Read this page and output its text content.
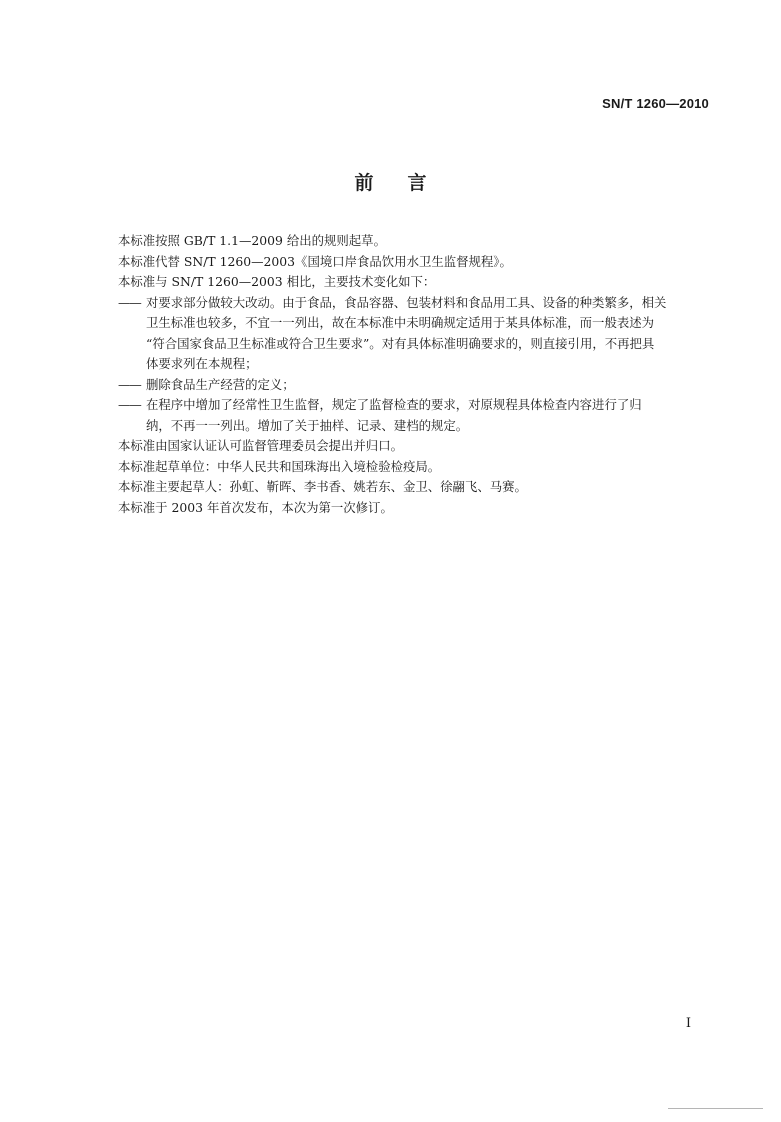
SN/T 1260—2010
前言

本标准按照 GB/T 1.1—2009 给出的规则起草。

本标准代替 SN/T 1260—2003《国境口岸食品饮用水卫生监督规程》。

本标准与 SN/T 1260—2003 相比，主要技术变化如下：

—— 对要求部分做较大改动。由于食品，食品容器、包装材料和食品用工具、设备的种类繁多，相关
卫生标准也较多，不宜一一列出，故在本标准中未明确规定适用于某具体标准，而一般表述为
“符合国家食品卫生标准或符合卫生要求”。对有具体标准明确要求的，则直接引用，不再把具
体要求列在本规程；
—— 删除食品生产经营的定义；
—— 在程序中增加了经常性卫生监督，规定了监督检查的要求，对原规程具体检查内容进行了归
纳，不再一一列出。增加了关于抽样、记录、建档的规定。

本标准由国家认证认可监督管理委员会提出并归口。

本标准起草单位：中华人民共和国珠海出入境检验检疫局。

本标准主要起草人：孙虹、靳晖、李书香、姚若东、金卫、徐翮飞、马赛。

本标准于 2003 年首次发布，本次为第一次修订。

I
